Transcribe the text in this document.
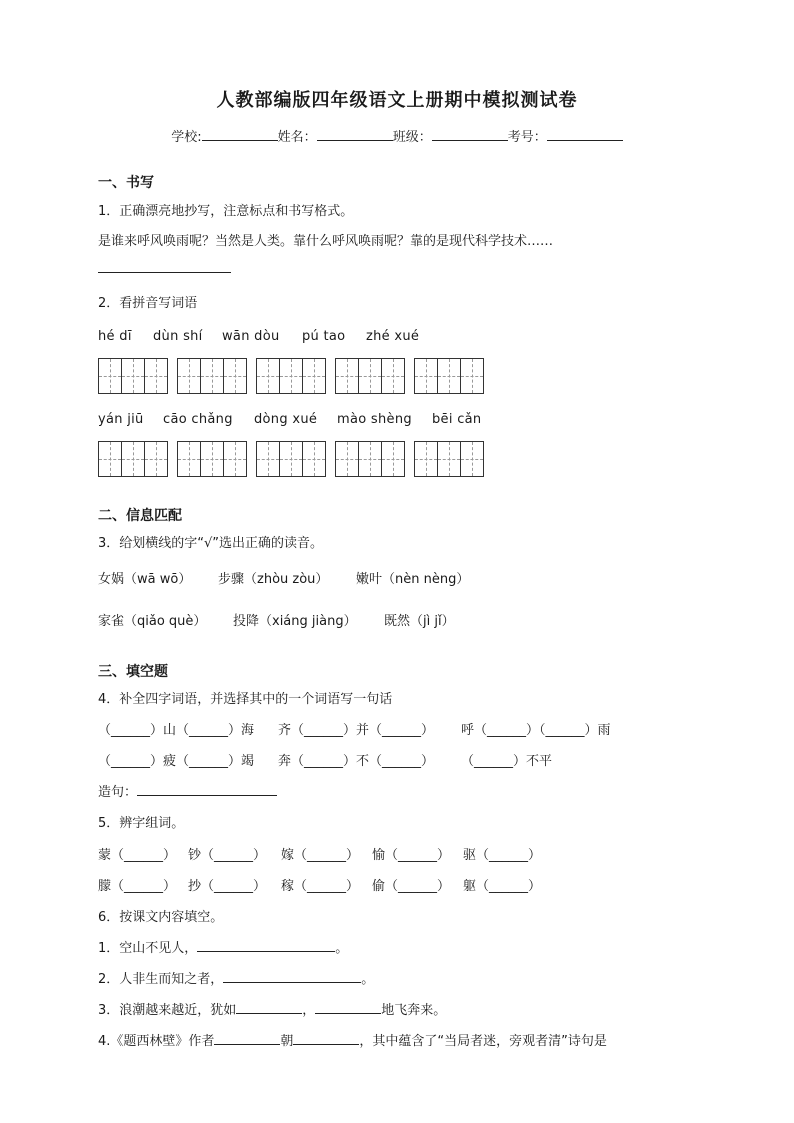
人教部编版四年级语文上册期中模拟测试卷
学校:	姓名：	班级：	考号：
一、书写
1．正确漂亮地抄写，注意标点和书写格式。
是谁来呼风唤雨呢？当然是人类。靠什么呼风唤雨呢？靠的是现代科学技术……
2．看拼音写词语
hé dī dùn shí wān dòu pú tao zhé xué
yán jiū cāo chǎng dòng xué mào shèng bēi cǎn
二、信息匹配
3．给划横线的字“√”选出正确的读音。
女娲（wā wō） 步骤（zhòu zòu） 嫩叶（nèn nèng）
家雀（qiǎo què） 投降（xiáng jiàng） 既然（jì jǐ）
三、填空题
4．补全四字词语，并选择其中的一个词语写一句话
（______）山（______）海 齐（______）并（______） 呼（______）（______）雨
（______）疲（______）竭 奔（______）不（______） （______）不平
造句：
5．辨字组词。
蒙（______） 钞（______） 嫁（______） 愉（______） 驱（______）
朦（______） 抄（______） 稼（______） 偷（______） 躯（______）
6．按课文内容填空。
1．空山不见人，	。
2．人非生而知之者，	。
3．浪潮越来越近，犹如	，	地飞奔来。
4.《题西林壁》作者	朝	，其中蕴含了“当局者迷，旁观者清”诗句是
